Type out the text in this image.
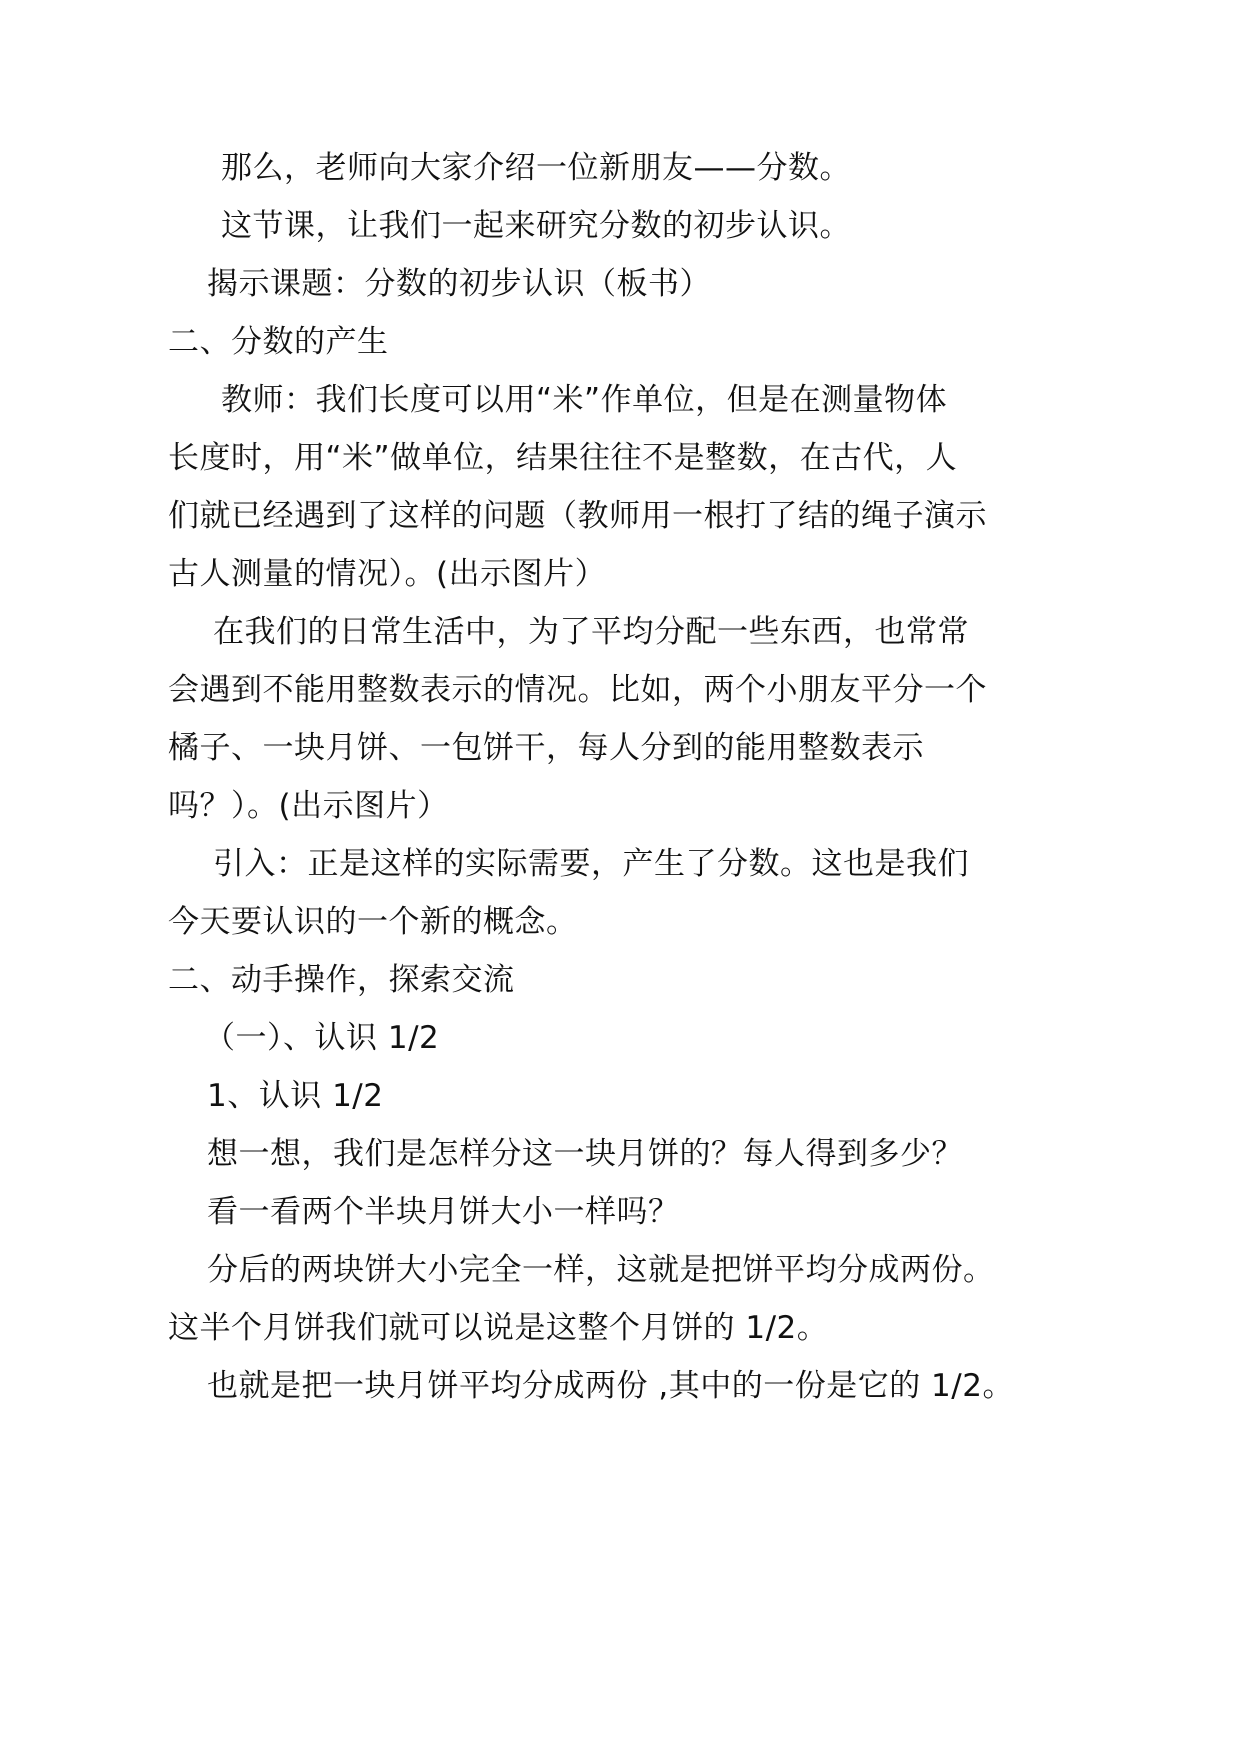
那么，老师向大家介绍一位新朋友——分数。
这节课，让我们一起来研究分数的初步认识。
揭示课题：分数的初步认识（板书）
二、分数的产生
教师：我们长度可以用“米”作单位，但是在测量物体
长度时，用“米”做单位，结果往往不是整数，在古代，人
们就已经遇到了这样的问题（教师用一根打了结的绳子演示
古人测量的情况）。(出示图片）
在我们的日常生活中，为了平均分配一些东西，也常常
会遇到不能用整数表示的情况。比如，两个小朋友平分一个
橘子、一块月饼、一包饼干，每人分到的能用整数表示
吗？）。(出示图片）
引入：正是这样的实际需要，产生了分数。这也是我们
今天要认识的一个新的概念。
二、动手操作，探索交流
（一）、认识 1/2
1、认识 1/2
想一想，我们是怎样分这一块月饼的？每人得到多少？
看一看两个半块月饼大小一样吗？
分后的两块饼大小完全一样，这就是把饼平均分成两份。
这半个月饼我们就可以说是这整个月饼的 1/2。
也就是把一块月饼平均分成两份 ,其中的一份是它的 1/2。
